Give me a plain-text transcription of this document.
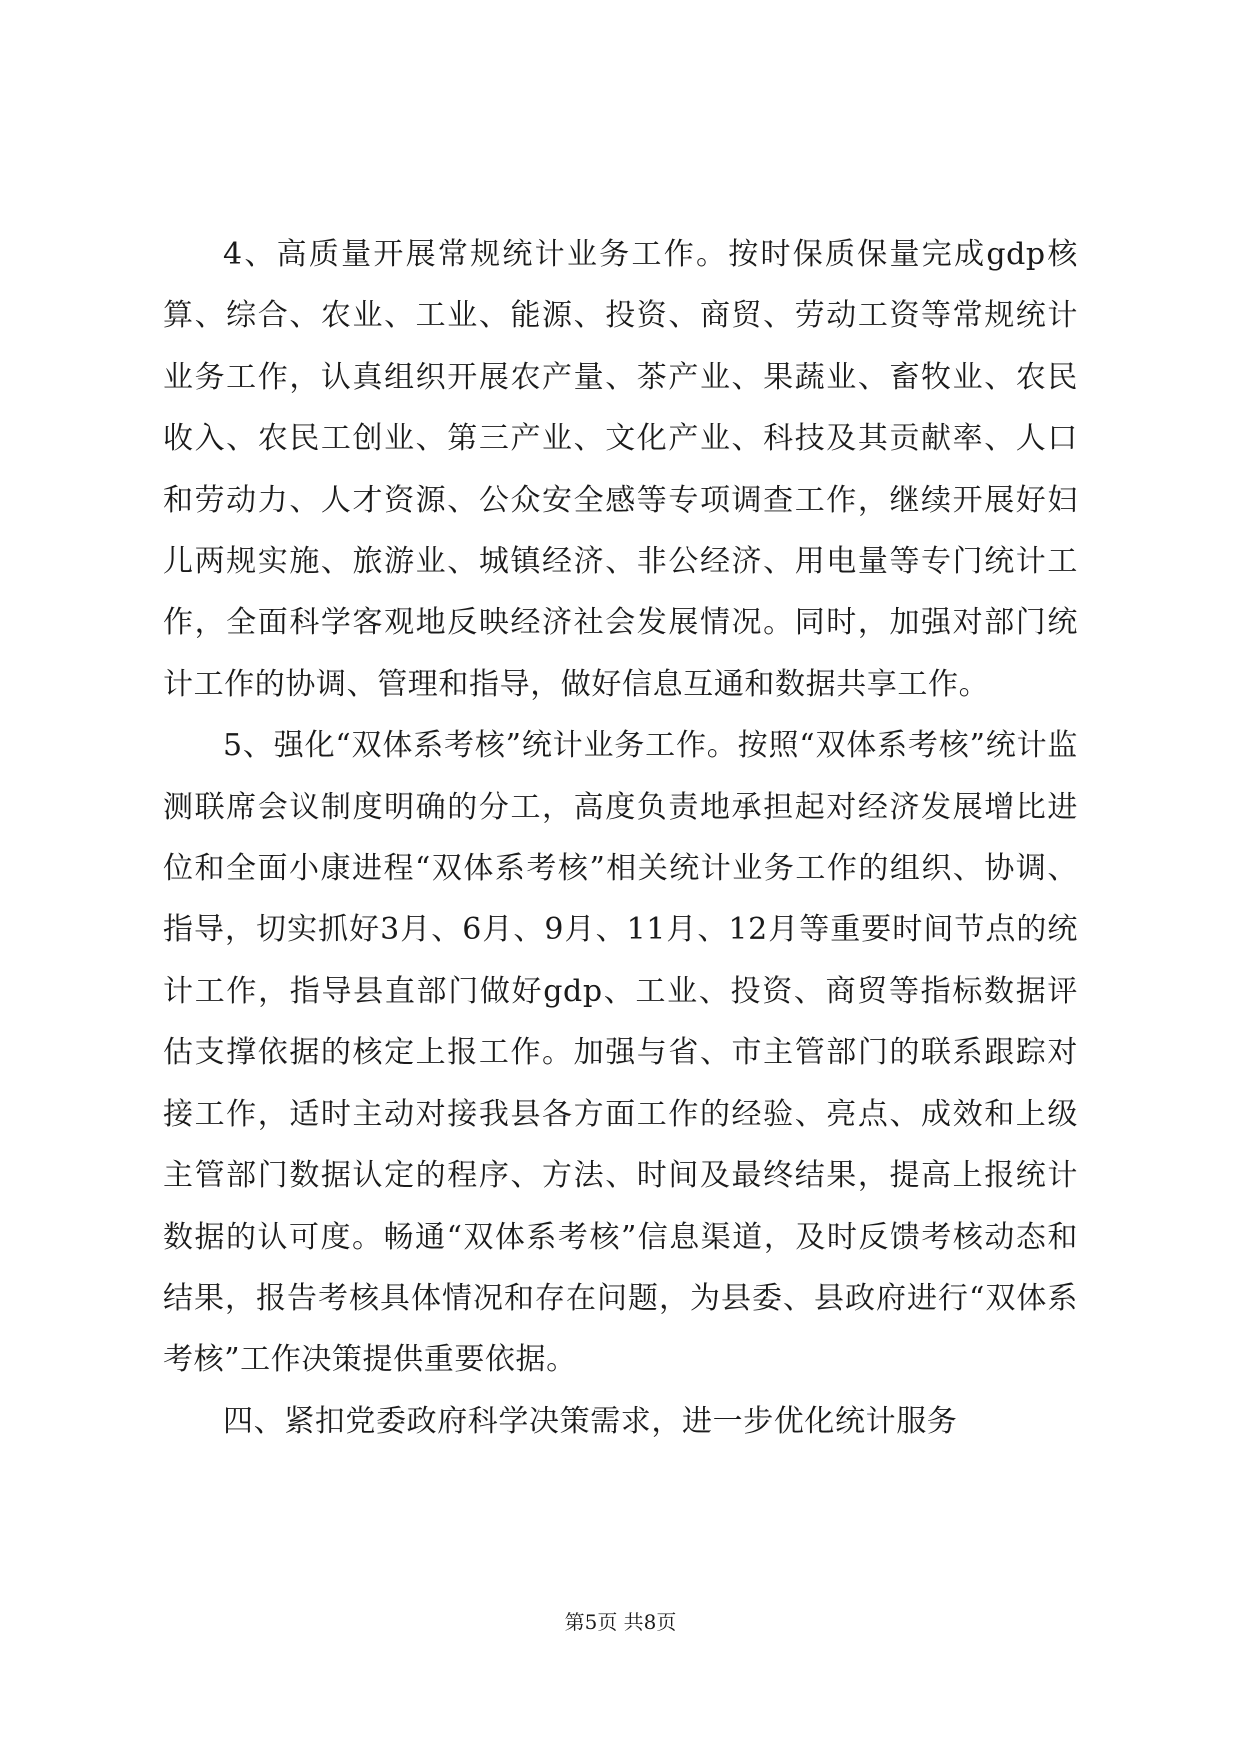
4、高质量开展常规统计业务工作。按时保质保量完成gdp核算、综合、农业、工业、能源、投资、商贸、劳动工资等常规统计业务工作，认真组织开展农产量、茶产业、果蔬业、畜牧业、农民收入、农民工创业、第三产业、文化产业、科技及其贡献率、人口和劳动力、人才资源、公众安全感等专项调查工作，继续开展好妇儿两规实施、旅游业、城镇经济、非公经济、用电量等专门统计工作，全面科学客观地反映经济社会发展情况。同时，加强对部门统计工作的协调、管理和指导，做好信息互通和数据共享工作。

5、强化“双体系考核”统计业务工作。按照“双体系考核”统计监测联席会议制度明确的分工，高度负责地承担起对经济发展增比进位和全面小康进程“双体系考核”相关统计业务工作的组织、协调、指导，切实抓好3月、6月、9月、11月、12月等重要时间节点的统计工作，指导县直部门做好gdp、工业、投资、商贸等指标数据评估支撑依据的核定上报工作。加强与省、市主管部门的联系跟踪对接工作，适时主动对接我县各方面工作的经验、亮点、成效和上级主管部门数据认定的程序、方法、时间及最终结果，提高上报统计数据的认可度。畅通“双体系考核”信息渠道，及时反馈考核动态和结果，报告考核具体情况和存在问题，为县委、县政府进行“双体系考核”工作决策提供重要依据。

四、紧扣党委政府科学决策需求，进一步优化统计服务

第5页 共8页
